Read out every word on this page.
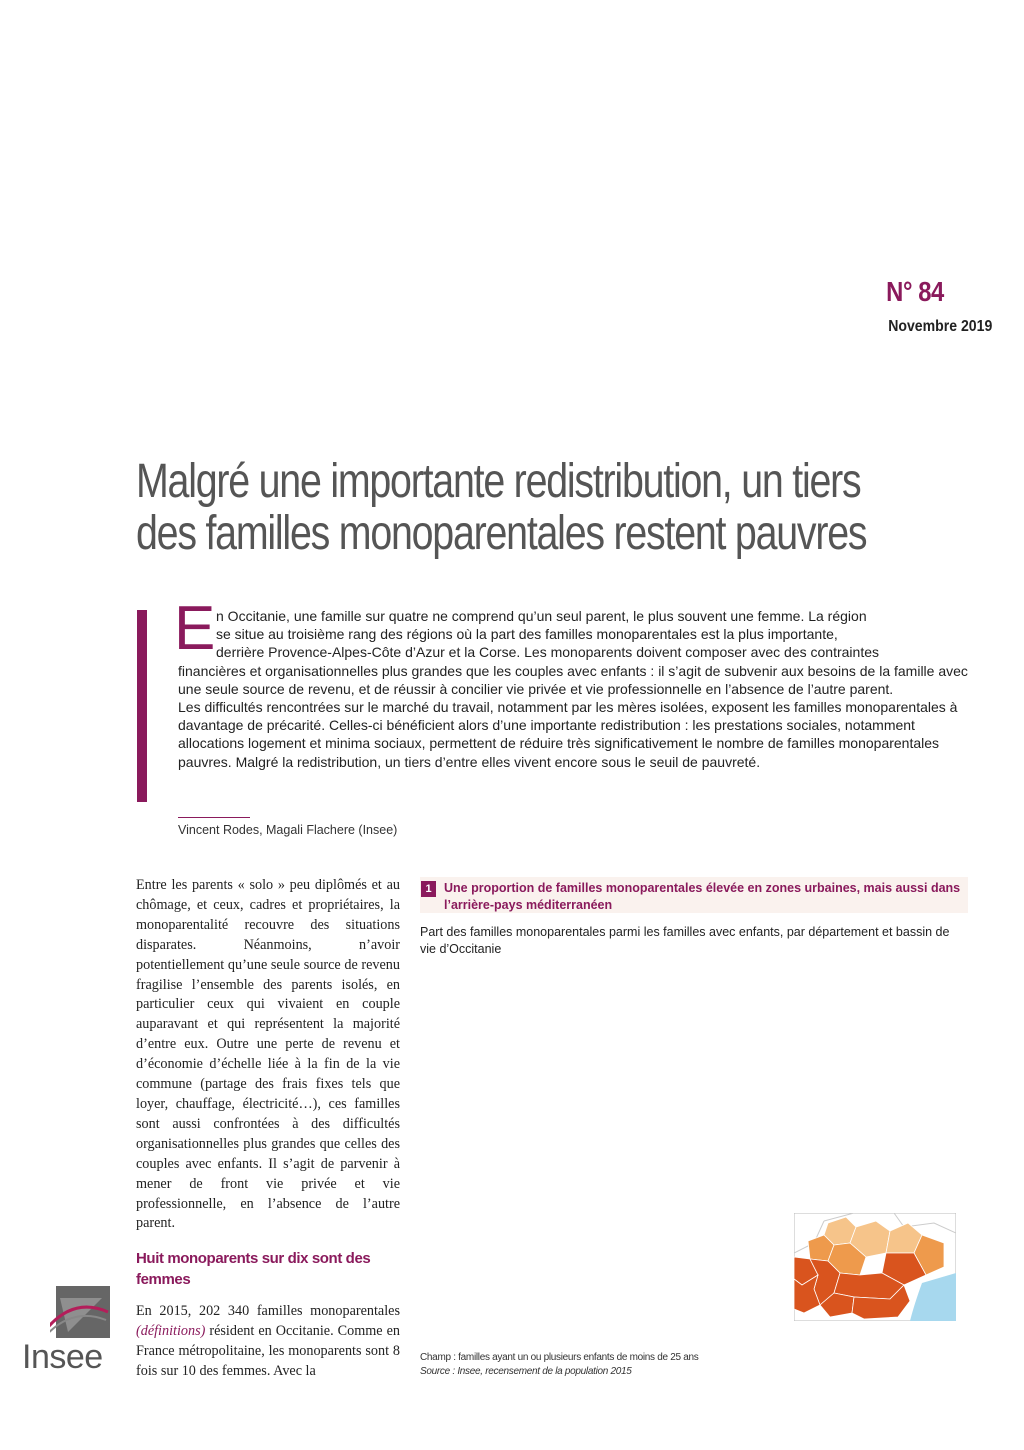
N° 84
Novembre 2019
Malgré une importante redistribution, un tiers
des familles monoparentales restent pauvres
E n Occitanie, une famille sur quatre ne comprend qu’un seul parent, le plus souvent une femme. La région

se situe au troisième rang des régions où la part des familles monoparentales est la plus importante,

derrière Provence-Alpes-Côte d’Azur et la Corse. Les monoparents doivent composer avec des contraintes

financières et organisationnelles plus grandes que les couples avec enfants : il s’agit de subvenir aux besoins de la famille avec une seule source de revenu, et de réussir à concilier vie privée et vie professionnelle en l’absence de l’autre parent.

Les difficultés rencontrées sur le marché du travail, notamment par les mères isolées, exposent les familles monoparentales à davantage de précarité. Celles-ci bénéficient alors d’une importante redistribution : les prestations sociales, notamment allocations logement et minima sociaux, permettent de réduire très significativement le nombre de familles monoparentales pauvres. Malgré la redistribution, un tiers d’entre elles vivent encore sous le seuil de pauvreté.

Vincent Rodes, Magali Flachere (Insee)

Entre les parents « solo » peu diplômés et au chômage, et ceux, cadres et propriétaires, la monoparentalité recouvre des situations disparates. Néanmoins, n’avoir potentiellement qu’une seule source de revenu fragilise l’ensemble des parents isolés, en particulier ceux qui vivaient en couple auparavant et qui représentent la majorité d’entre eux. Outre une perte de revenu et d’économie d’échelle liée à la fin de la vie commune (partage des frais fixes tels que loyer, chauffage, électricité…), ces familles sont aussi confrontées à des difficultés organisationnelles plus grandes que celles des couples avec enfants. Il s’agit de parvenir à mener de front vie privée et vie professionnelle, en l’absence de l’autre parent.

Huit monoparents sur dix sont des femmes

En 2015, 202 340 familles monoparentales (définitions) résident en Occitanie. Comme en France métropolitaine, les monoparents sont 8 fois sur 10 des femmes. Avec la

1 Une proportion de familles monoparentales élevée en zones urbaines, mais aussi dans l’arrière-pays méditerranéen
Part des familles monoparentales parmi les familles avec enfants, par département et bassin de vie d’Occitanie
Champ : familles ayant un ou plusieurs enfants de moins de 25 ans
Source : Insee, recensement de la population 2015
Insee
